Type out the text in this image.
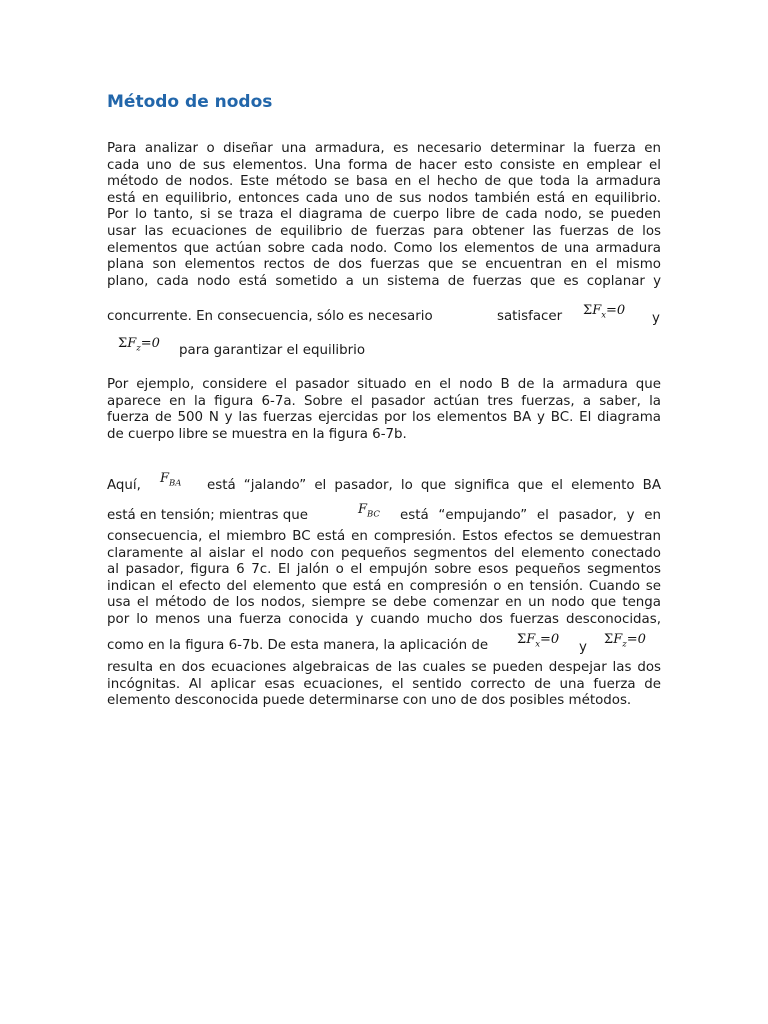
Método de nodos
Para analizar o diseñar una armadura, es necesario determinar la fuerza en
cada uno de sus elementos. Una forma de hacer esto consiste en emplear el
método de nodos. Este método se basa en el hecho de que toda la armadura
está en equilibrio, entonces cada uno de sus nodos también está en equilibrio.
Por lo tanto, si se traza el diagrama de cuerpo libre de cada nodo, se pueden
usar las ecuaciones de equilibrio de fuerzas para obtener las fuerzas de los
elementos que actúan sobre cada nodo. Como los elementos de una armadura
plana son elementos rectos de dos fuerzas que se encuentran en el mismo
plano, cada nodo está sometido a un sistema de fuerzas que es coplanar y
concurrente. En consecuencia, sólo es necesario	satisfacer $\Sigma F_x=0$
y
$\Sigma F_z=0$ para garantizar el equilibrio
Por ejemplo, considere el pasador situado en el nodo B de la armadura que
aparece en la figura 6-7a. Sobre el pasador actúan tres fuerzas, a saber, la
fuerza de 500 N y las fuerzas ejercidas por los elementos BA y BC. El diagrama
de cuerpo libre se muestra en la figura 6-7b.
Aquí, $F_{BA}$ está “jalando” el pasador, lo que significa que el elemento BA
está en tensión; mientras que	$F_{BC}$ está “empujando” el pasador, y en
consecuencia, el miembro BC está en compresión. Estos efectos se demuestran
claramente al aislar el nodo con pequeños segmentos del elemento conectado
al pasador, figura 6 7c. El jalón o el empujón sobre esos pequeños segmentos
indican el efecto del elemento que está en compresión o en tensión. Cuando se
usa el método de los nodos, siempre se debe comenzar en un nodo que tenga
por lo menos una fuerza conocida y cuando mucho dos fuerzas desconocidas,
como en la figura 6-7b. De esta manera, la aplicación de $\Sigma F_x=0$
y
$\Sigma F_z=0$
resulta en dos ecuaciones algebraicas de las cuales se pueden despejar las dos
incógnitas. Al aplicar esas ecuaciones, el sentido correcto de una fuerza de
elemento desconocida puede determinarse con uno de dos posibles métodos.
